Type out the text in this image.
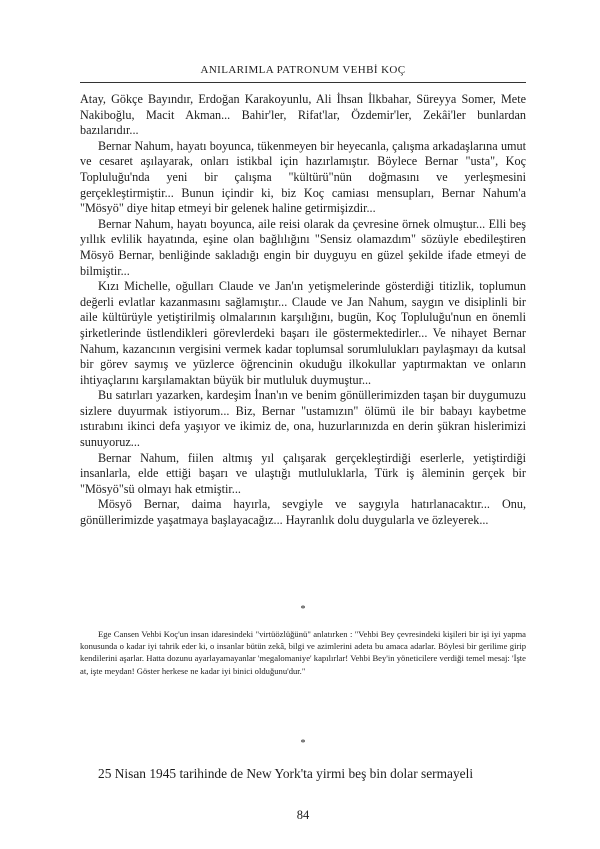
ANILARIMLA PATRONUM VEHBİ KOÇ

Atay, Gökçe Bayındır, Erdoğan Karakoyunlu, Ali İhsan İlkbahar, Süreyya Somer, Mete Nakiboğlu, Macit Akman... Bahir'ler, Rifat'lar, Özdemir'ler, Zekâi'ler bunlardan bazılarıdır...

Bernar Nahum, hayatı boyunca, tükenmeyen bir heyecanla, çalışma arkadaşlarına umut ve cesaret aşılayarak, onları istikbal için hazırlamıştır. Böylece Bernar "usta", Koç Topluluğu'nda yeni bir çalışma "kültürü"nün doğmasını ve yerleşmesini gerçekleştirmiştir... Bunun içindir ki, biz Koç camiası mensupları, Bernar Nahum'a "Mösyö" diye hitap etmeyi bir gelenek haline getirmişizdir...

Bernar Nahum, hayatı boyunca, aile reisi olarak da çevresine örnek olmuştur... Elli beş yıllık evlilik hayatında, eşine olan bağlılığını "Sensiz olamazdım" sözüyle ebedileştiren Mösyö Bernar, benliğinde sakladığı engin bir duyguyu en güzel şekilde ifade etmeyi de bilmiştir...

Kızı Michelle, oğulları Claude ve Jan'ın yetişmelerinde gösterdiği titizlik, toplumun değerli evlatlar kazanmasını sağlamıştır... Claude ve Jan Nahum, saygın ve disiplinli bir aile kültürüyle yetiştirilmiş olmalarının karşılığını, bugün, Koç Topluluğu'nun en önemli şirketlerinde üstlendikleri görevlerdeki başarı ile göstermektedirler... Ve nihayet Bernar Nahum, kazancının vergisini vermek kadar toplumsal sorumlulukları paylaşmayı da kutsal bir görev saymış ve yüzlerce öğrencinin okuduğu ilkokullar yaptırmaktan ve onların ihtiyaçlarını karşılamaktan büyük bir mutluluk duymuştur...

Bu satırları yazarken, kardeşim İnan'ın ve benim gönüllerimizden taşan bir duygumuzu sizlere duyurmak istiyorum... Biz, Bernar "ustamızın" ölümü ile bir babayı kaybetme ıstırabını ikinci defa yaşıyor ve ikimiz de, ona, huzurlarınızda en derin şükran hislerimizi sunuyoruz...

Bernar Nahum, fiilen altmış yıl çalışarak gerçekleştirdiği eserlerle, yetiştirdiği insanlarla, elde ettiği başarı ve ulaştığı mutluluklarla, Türk iş âleminin gerçek bir "Mösyö"sü olmayı hak etmiştir...

Mösyö Bernar, daima hayırla, sevgiyle ve saygıyla hatırlanacaktır... Onu, gönüllerimizde yaşatmaya başlayacağız... Hayranlık dolu duygularla ve özleyerek...

*

Ege Cansen Vehbi Koç'un insan idaresindeki "virtüözlüğünü" anlatırken : "Vehbi Bey çevresindeki kişileri bir işi iyi yapma konusunda o kadar iyi tahrik eder ki, o insanlar bütün zekâ, bilgi ve azimlerini adeta bu amaca adarlar. Böylesi bir gerilime girip kendilerini aşarlar. Hatta dozunu ayarlayamayanlar 'megalomaniye' kapılırlar! Vehbi Bey'in yöneticilere verdiği temel mesaj: 'İşte at, işte meydan! Göster herkese ne kadar iyi binici olduğunu'dur."

*

25 Nisan 1945 tarihinde de New York'ta yirmi beş bin dolar sermayeli

84
